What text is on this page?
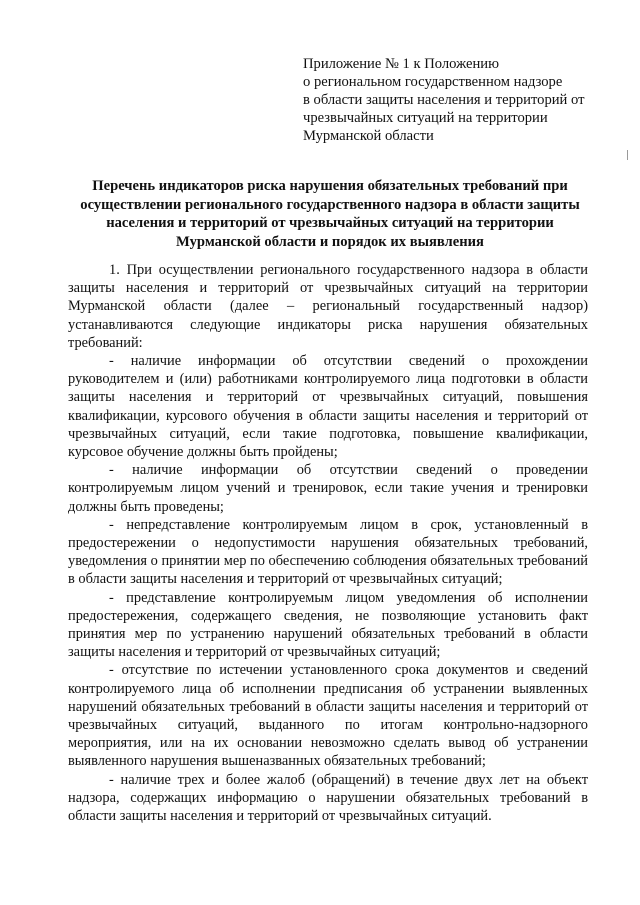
Приложение № 1 к Положению
о региональном государственном надзоре
в области защиты населения и территорий от
чрезвычайных ситуаций на территории
Мурманской области
Перечень индикаторов риска нарушения обязательных требований при
осуществлении регионального государственного надзора в области защиты
населения и территорий от чрезвычайных ситуаций на территории
Мурманской области и порядок их выявления

1. При осуществлении регионального государственного надзора в области защиты населения и территорий от чрезвычайных ситуаций на территории Мурманской области (далее – региональный государственный надзор) устанавливаются следующие индикаторы риска нарушения обязательных требований:

- наличие информации об отсутствии сведений о прохождении руководителем и (или) работниками контролируемого лица подготовки в области защиты населения и территорий от чрезвычайных ситуаций, повышения квалификации, курсового обучения в области защиты населения и территорий от чрезвычайных ситуаций, если такие подготовка, повышение квалификации, курсовое обучение должны быть пройдены;

- наличие информации об отсутствии сведений о проведении контролируемым лицом учений и тренировок, если такие учения и тренировки должны быть проведены;

- непредставление контролируемым лицом в срок, установленный в предостережении о недопустимости нарушения обязательных требований, уведомления о принятии мер по обеспечению соблюдения обязательных требований в области защиты населения и территорий от чрезвычайных ситуаций;

- представление контролируемым лицом уведомления об исполнении предостережения, содержащего сведения, не позволяющие установить факт принятия мер по устранению нарушений обязательных требований в области защиты населения и территорий от чрезвычайных ситуаций;

- отсутствие по истечении установленного срока документов и сведений контролируемого лица об исполнении предписания об устранении выявленных нарушений обязательных требований в области защиты населения и территорий от чрезвычайных ситуаций, выданного по итогам контрольно-надзорного мероприятия, или на их основании невозможно сделать вывод об устранении выявленного нарушения вышеназванных обязательных требований;

- наличие трех и более жалоб (обращений) в течение двух лет на объект надзора, содержащих информацию о нарушении обязательных требований в области защиты населения и территорий от чрезвычайных ситуаций.
